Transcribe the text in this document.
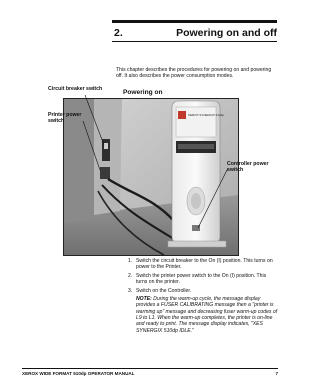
2.	Powering on and off
This chapter describes the procedures for powering on and powering off. It also describes the power consumption modes.
Powering on
XEROX SYNERGIX 510dp
Circuit breaker switch
Printer power switch
Controller power switch
1. Switch the circuit breaker to the On (I) position. This turns on power to the Printer.
2. Switch the printer power switch to the On (I) position. This turns on the printer.
3. Switch on the Controller.
NOTE: During the warm-up cycle, the message display provides a FUSER CALIBRATING message then a "printer is warming up" message and decreasing fuser warm-up codes of L9 to L1. When the warm-up completes, the printer is on-line and ready to print. The message display indicates, "XES SYNERGIX 510dp IDLE."
XEROX WIDE FORMAT 510dp OPERATOR MANUAL	7
